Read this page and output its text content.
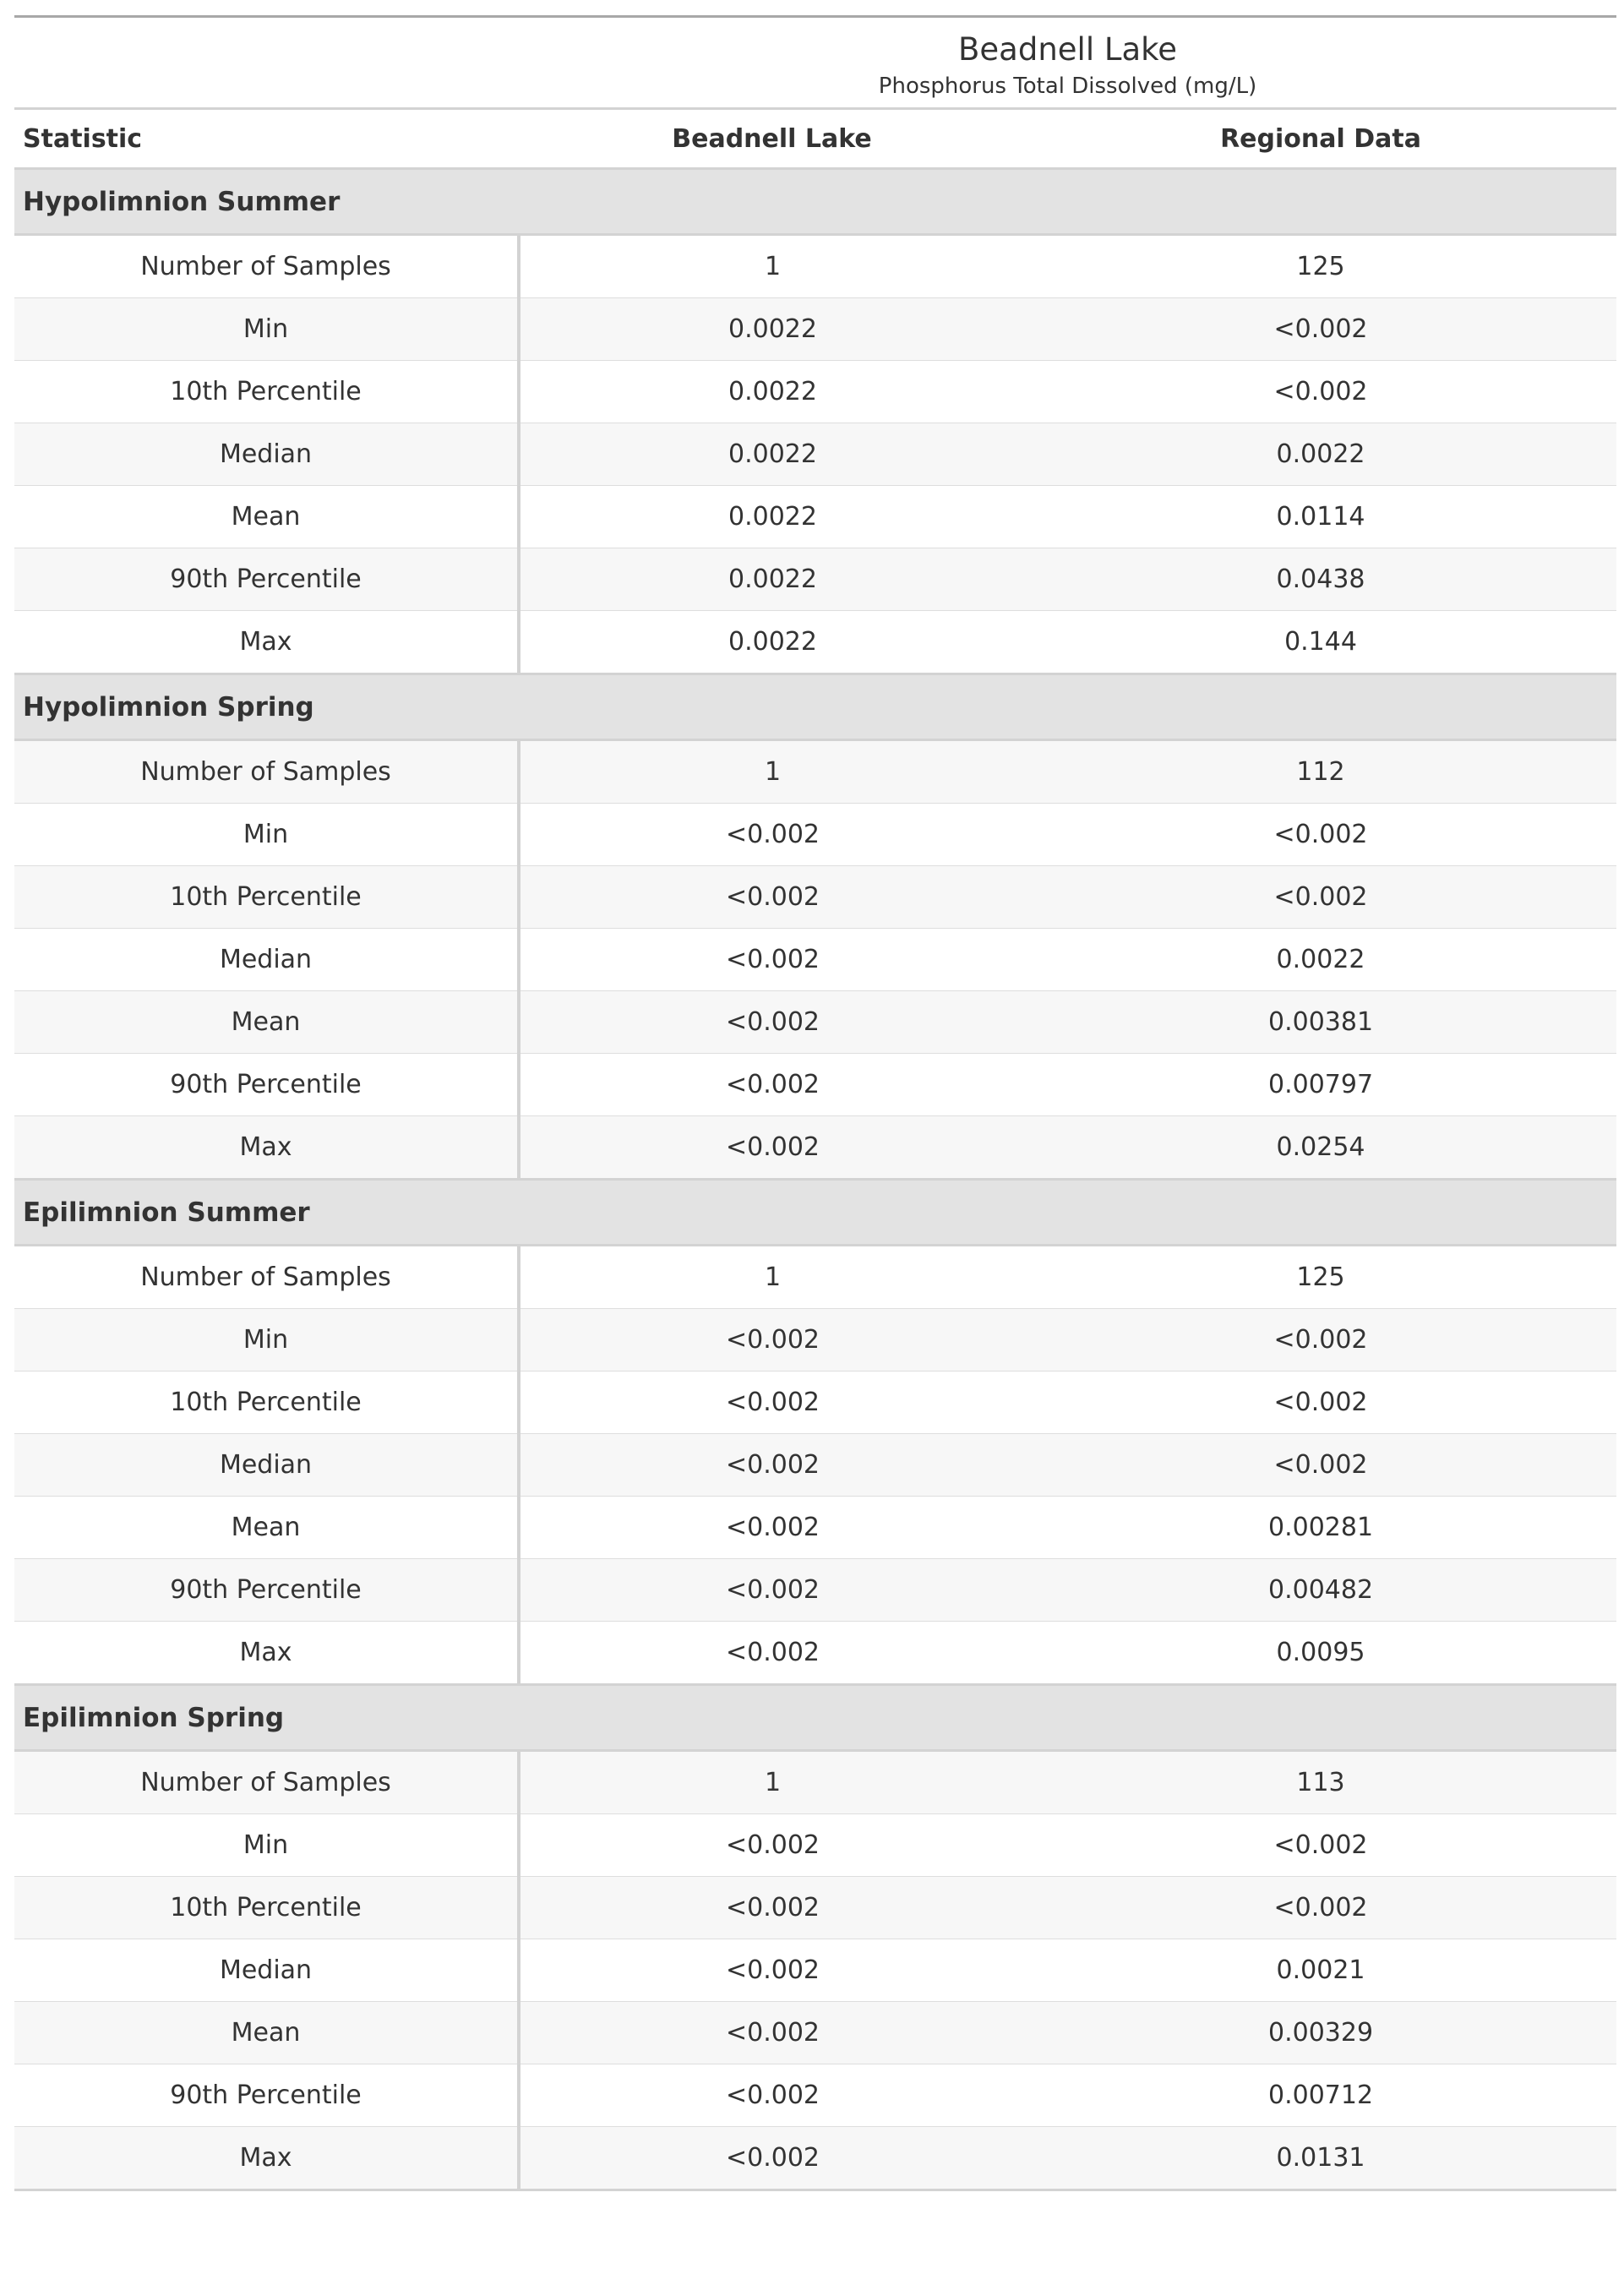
Beadnell Lake
Phosphorus Total Dissolved (mg/L)		

Statistic	Beadnell Lake	Regional Data
Hypolimnion Summer		
Number of Samples	1	125
Min	0.0022	<0.002
10th Percentile	0.0022	<0.002
Median	0.0022	0.0022
Mean	0.0022	0.0114
90th Percentile	0.0022	0.0438
Max	0.0022	0.144
Hypolimnion Spring		
Number of Samples	1	112
Min	<0.002	<0.002
10th Percentile	<0.002	<0.002
Median	<0.002	0.0022
Mean	<0.002	0.00381
90th Percentile	<0.002	0.00797
Max	<0.002	0.0254
Epilimnion Summer		
Number of Samples	1	125
Min	<0.002	<0.002
10th Percentile	<0.002	<0.002
Median	<0.002	<0.002
Mean	<0.002	0.00281
90th Percentile	<0.002	0.00482
Max	<0.002	0.0095
Epilimnion Spring		
Number of Samples	1	113
Min	<0.002	<0.002
10th Percentile	<0.002	<0.002
Median	<0.002	0.0021
Mean	<0.002	0.00329
90th Percentile	<0.002	0.00712
Max	<0.002	0.0131
